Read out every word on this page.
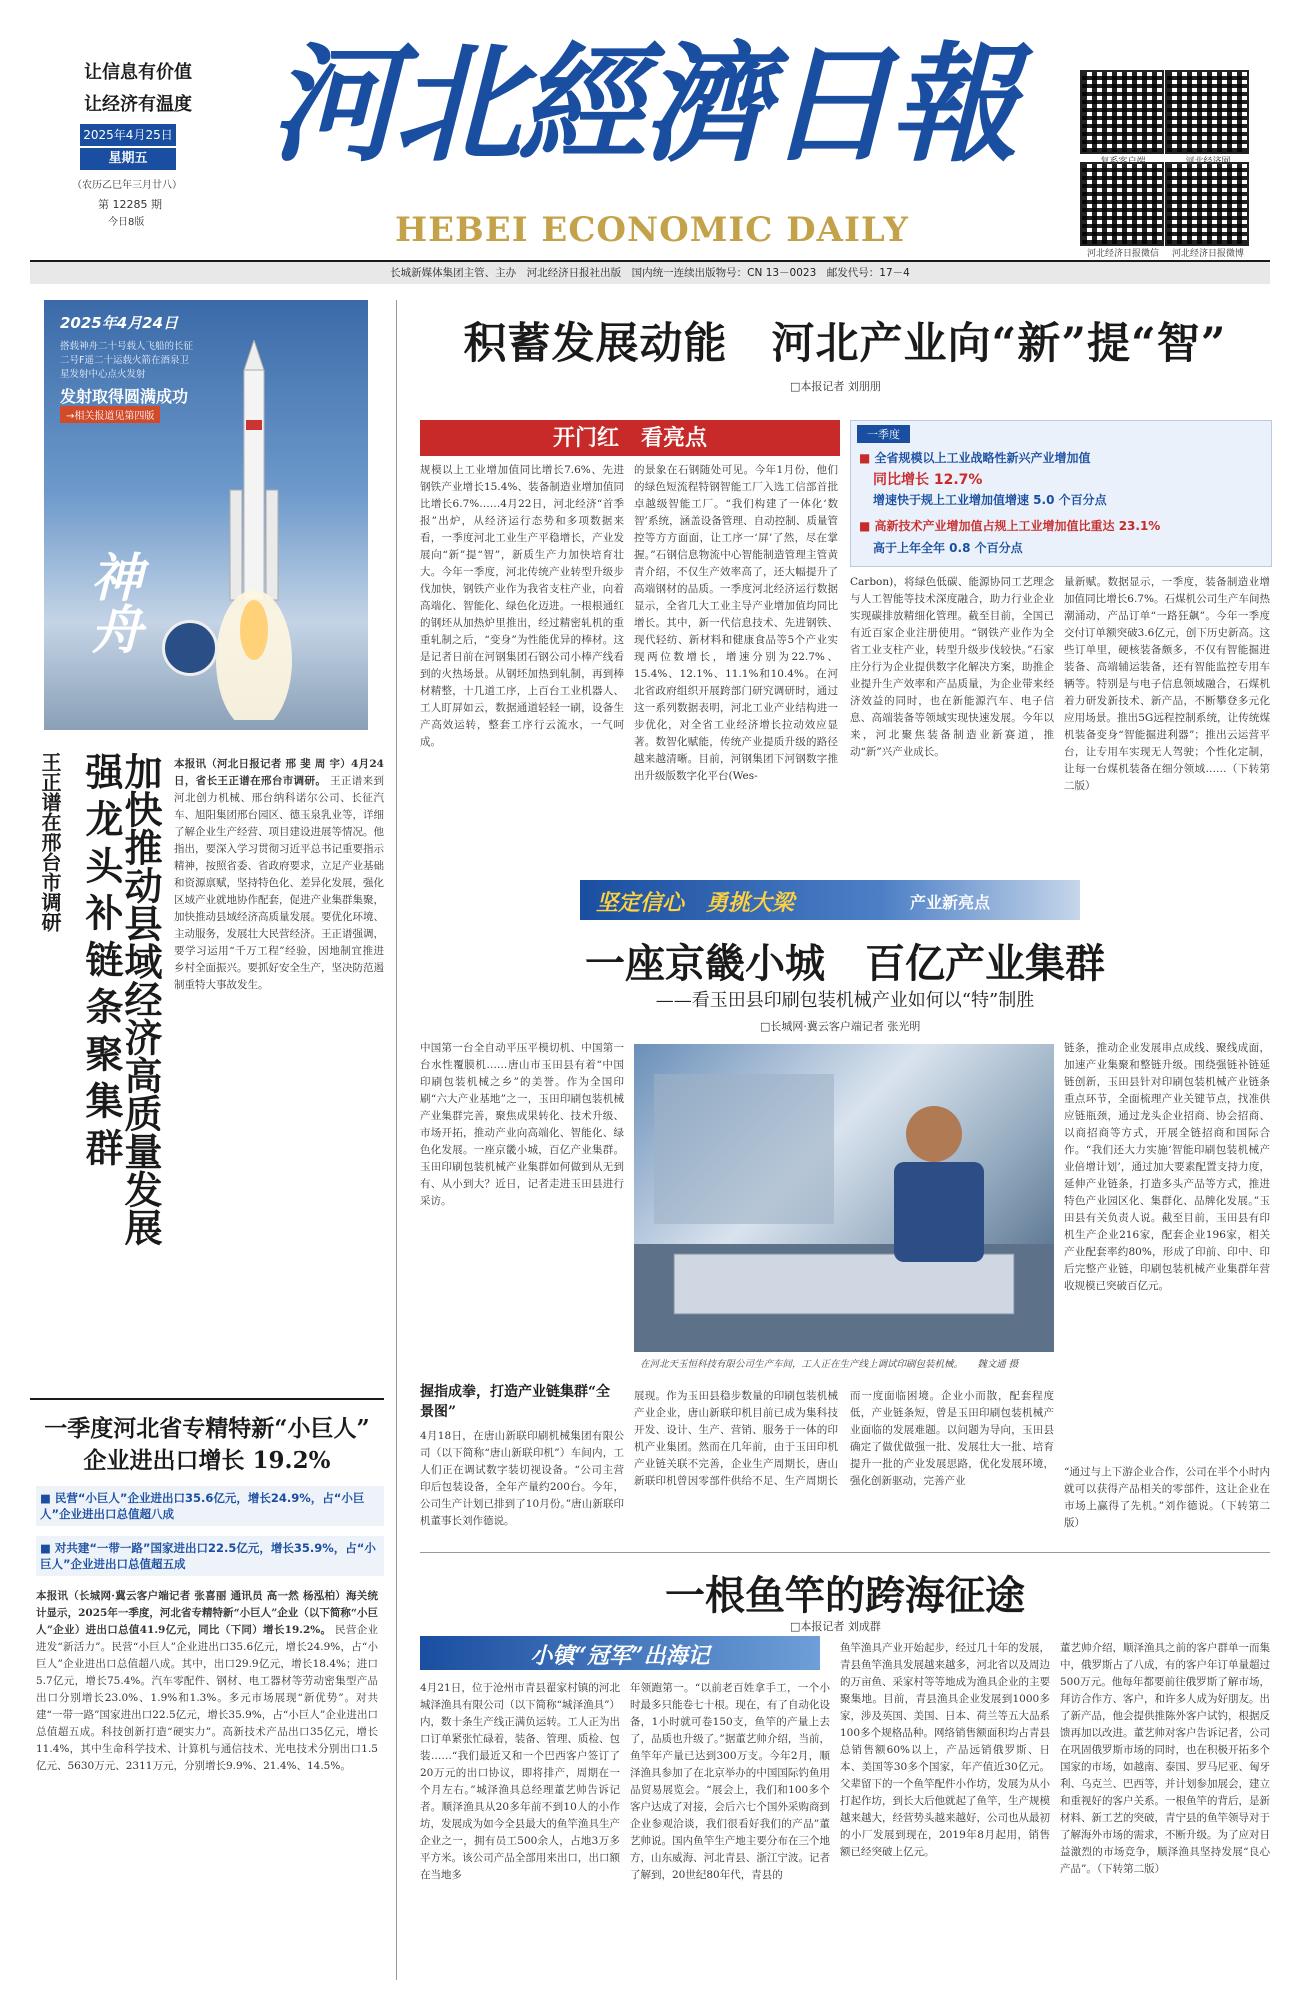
让信息有价值
让经济有温度
2025年4月25日
星期五
（农历乙巳年三月廿八）
第 12285 期
今日8版
河北經濟日報
HEBEI ECONOMIC DAILY
河北经济日报微信	河北经济日报微博
长城新媒体集团主管、主办　河北经济日报社出版　国内统一连续出版物号：CN 13－0023　邮发代号：17－4
2025年4月24日
搭载神舟二十号载人飞船的长征
二号F遥二十运载火箭在酒泉卫
星发射中心点火发射
发射取得圆满成功
→相关报道见第四版
神舟
加快推动县域经济高质量发展
强龙头补链条聚集群
王正谱在邢台市调研	本报讯（河北日报记者 邢 斐 周 宇）4月24日，省长王正谱在邢台市调研。 王正谱来到河北创力机械、邢台纳科诺尔公司、长征汽车、旭阳集团邢台园区、德玉泉乳业等，详细了解企业生产经营、项目建设进展等情况。他指出，要深入学习贯彻习近平总书记重要指示精神，按照省委、省政府要求，立足产业基础和资源禀赋，坚持特色化、差异化发展，强化区域产业就地协作配套，促进产业集群集聚，加快推动县域经济高质量发展。要优化环境、主动服务，发展壮大民营经济。王正谱强调，要学习运用“千万工程”经验，因地制宜推进乡村全面振兴。要抓好安全生产，坚决防范遏制重特大事故发生。
一季度河北省专精特新“小巨人”
企业进出口增长 19.2%
■ 民营“小巨人”企业进出口35.6亿元，增长24.9%，占“小巨人”企业进出口总值超八成
■ 对共建“一带一路”国家进出口22.5亿元，增长35.9%，占“小巨人”企业进出口总值超五成
本报讯（长城网·冀云客户端记者 张喜丽 通讯员 高一然 杨泓柏）海关统计显示，2025年一季度，河北省专精特新“小巨人”企业（以下简称“小巨人”企业）进出口总值41.9亿元，同比（下同）增长19.2%。 民营企业进发“新活力”。民营“小巨人”企业进出口35.6亿元，增长24.9%，占“小巨人”企业进出口总值超八成。其中，出口29.9亿元，增长18.4%；进口5.7亿元，增长75.4%。汽车零配件、钢材、电工器材等劳动密集型产品出口分别增长23.0%、1.9%和1.3%。多元市场展现“新优势”。对共建“一带一路”国家进出口22.5亿元，增长35.9%，占“小巨人”企业进出口总值超五成。科技创新打造“硬实力”。高新技术产品出口35亿元，增长11.4%，其中生命科学技术、计算机与通信技术、光电技术分别出口1.5亿元、5630万元、2311万元，分别增长9.9%、21.4%、14.5%。
积蓄发展动能　河北产业向“新”提“智”
□本报记者 刘朋朋
开门红　看亮点	一季度
■ 全省规模以上工业战略性新兴产业增加值
同比增长 12.7%
增速快于规上工业增加值增速 5.0 个百分点
■ 高新技术产业增加值占规上工业增加值比重达 23.1%
高于上年全年 0.8 个百分点
规模以上工业增加值同比增长7.6%、先进钢铁产业增长15.4%、装备制造业增加值同比增长6.7%……4月22日，河北经济“首季报”出炉，从经济运行态势和多项数据来看，一季度河北工业生产平稳增长，产业发展向“新”提“智”，新质生产力加快培育壮大。今年一季度，河北传统产业转型升级步伐加快，钢铁产业作为我省支柱产业，向着高端化、智能化、绿色化迈进。一根根通红的钢坯从加热炉里推出，经过精密轧机的重重轧制之后，“变身”为性能优异的棒材。这是记者日前在河钢集团石钢公司小棒产线看到的火热场景。从钢坯加热到轧制，再到棒材精整，十几道工序，上百台工业机器人、工人盯屏如云，数据通道轻轻一刷，设备生产高效运转，整套工序行云流水，一气呵成。
的景象在石钢随处可见。今年1月份，他们的绿色短流程特钢智能工厂入选工信部首批卓越级智能工厂。“我们构建了一体化‘数智’系统，涵盖设备管理、自动控制、质量管控等方方面面，让工序一‘屏’了然，尽在掌握。”石钢信息物流中心智能制造管理主管黄青介绍，不仅生产效率高了，还大幅提升了高端钢材的品质。一季度河北经济运行数据显示，全省几大工业主导产业增加值均同比增长。其中，新一代信息技术、先进钢铁、现代轻纺、新材料和健康食品等5个产业实现两位数增长，增速分别为22.7%、15.4%、12.1%、11.1%和10.4%。在河北省政府组织开展跨部门研究调研时，通过这一系列数据表明，河北工业产业结构进一步优化，对全省工业经济增长拉动效应显著。数智化赋能，传统产业提质升级的路径越来越清晰。目前，河钢集团下河钢数字推出升级版数字化平台(Wes-
Carbon)，将绿色低碳、能源协同工艺理念与人工智能等技术深度融合，助力行业企业实现碳排放精细化管理。截至目前，全国已有近百家企业注册使用。“钢铁产业作为全省工业支柱产业，转型升级步伐较快。”石家庄分行为企业提供数字化解决方案，助推企业提升生产效率和产品质量，为企业带来经济效益的同时，也在新能源汽车、电子信息、高端装备等领域实现快速发展。今年以来，河北聚焦装备制造业新赛道，推动“新”兴产业成长。
量新赋。数据显示，一季度，装备制造业增加值同比增长6.7%。石煤机公司生产车间热潮涌动，产品订单“一路狂飙”。今年一季度交付订单额突破3.6亿元，创下历史新高。这些订单里，硬核装备颇多，不仅有智能掘进装备、高端辅运装备，还有智能监控专用车辆等。特别是与电子信息领域融合，石煤机着力研发新技术、新产品，不断攀登多元化应用场景。推出5G远程控制系统，让传统煤机装备变身“智能掘进利器”；推出云运营平台，让专用车实现无人驾驶；个性化定制，让每一台煤机装备在细分领域……（下转第二版）
坚定信心　勇挑大梁	产业新亮点
一座京畿小城　百亿产业集群
——看玉田县印刷包装机械产业如何以“特”制胜
□长城网·冀云客户端记者 张光明
中国第一台全自动平压平模切机、中国第一台水性覆膜机……唐山市玉田县有着“中国印刷包装机械之乡”的美誉。作为全国印刷“六大产业基地”之一，玉田印刷包装机械产业集群完善，聚焦成果转化、技术升级、市场开拓，推动产业向高端化、智能化、绿色化发展。一座京畿小城，百亿产业集群。玉田印刷包装机械产业集群如何做到从无到有、从小到大？近日，记者走进玉田县进行采访。
在河北天玉恒科技有限公司生产车间，工人正在生产线上调试印刷包装机械。　　魏文通 摄
握指成拳，打造产业链集群“全景图”
4月18日，在唐山新联印刷机械集团有限公司（以下简称“唐山新联印机”）车间内，工人们正在调试数字装切视设备。“公司主营印后包装设备，全年产量约200台。今年，公司生产计划已排到了10月份。”唐山新联印机董事长刘作德说。
展现。作为玉田县稳步数量的印刷包装机械产业企业，唐山新联印机目前已成为集科技开发、设计、生产、营销、服务于一体的印机产业集团。然而在几年前，由于玉田印机产业链关联不完善，企业生产周期长，唐山新联印机曾因零部件供给不足、生产周期长而一度面临困境。企业小而散，配套程度低，产业链条短，曾是玉田印刷包装机械产业面临的发展难题。以问题为导向，玉田县确定了做优做强一批、发展壮大一批、培育提升一批的产业发展思路，优化发展环境，强化创新驱动，完善产业
链条，推动企业发展串点成线、聚线成面，加速产业集聚和整链升级。围绕强链补链延链创新，玉田县针对印刷包装机械产业链条重点环节，全面梳理产业关键节点，找准供应链瓶颈，通过龙头企业招商、协会招商、以商招商等方式，开展全链招商和国际合作。“我们还大力实施‘智能印刷包装机械产业倍增计划’，通过加大要素配置支持力度，延伸产业链条，打造多头产品等方式，推进特色产业园区化、集群化、品牌化发展。”玉田县有关负责人说。截至目前，玉田县有印机生产企业216家，配套企业196家，相关产业配套率约80%，形成了印前、印中、印后完整产业链，印刷包装机械产业集群年营收规模已突破百亿元。
“通过与上下游企业合作，公司在半个小时内就可以获得产品相关的零部件，这让企业在市场上赢得了先机。”刘作德说。（下转第二版）
一根鱼竿的跨海征途
□本报记者 刘成群
小镇“冠军”出海记
4月21日，位于沧州市青县翟家村镇的河北城泽渔具有限公司（以下简称“城泽渔具”）内，数十条生产线正满负运转。工人正为出口订单紧张忙碌着，装备、管理、质检、包装……“我们最近又和一个巴西客户签订了20万元的出口协议，即将排产，周期在一个月左右。”城泽渔具总经理董艺帅告诉记者。顺泽渔具从20多年前不到10人的小作坊，发展成为如今全县最大的鱼竿渔具生产企业之一，拥有员工500余人，占地3万多平方米。该公司产品全部用来出口，出口额在当地多
年领跑第一。“以前老百姓拿手工，一个小时最多只能卷七十根。现在，有了自动化设备，1小时就可卷150支，鱼竿的产量上去了，品质也升级了。”据董艺帅介绍，当前，鱼竿年产量已达到300万支。今年2月，顺泽渔具参加了在北京举办的中国国际钓鱼用品贸易展览会。“展会上，我们和100多个客户达成了对接，会后六七个国外采购商到企业参观洽谈，我们很看好我们的产品”董艺帅说。国内鱼竿生产地主要分布在三个地方，山东威海、河北青县、浙江宁波。记者了解到，20世纪80年代，青县的
鱼竿渔具产业开始起步，经过几十年的发展，青县鱼竿渔具发展越来越多，河北省以及周边的万亩鱼、采家村等等地成为渔具企业的主要聚集地。目前，青县渔具企业发展到1000多家，涉及英国、美国、日本、荷兰等五大品系100多个规格品种。网络销售额面积均占青县总销售额60%以上，产品远销俄罗斯、日本、美国等30多个国家，年产值近30亿元。父辈留下的一个鱼竿配件小作坊，发展为从小打起作坊，到长大后他就起了鱼竿，生产规模越来越大，经营势头越来越好，公司也从最初的小厂发展到现在，2019年8月起用，销售额已经突破上亿元。
董艺帅介绍，顺泽渔具之前的客户群单一而集中，俄罗斯占了八成，有的客户年订单量超过500万元。他每年都要前往俄罗斯了解市场，拜访合作方、客户，和许多人成为好朋友。出了新产品，他会提供推陈外客户试钓，根据反馈再加以改进。董艺帅对客户告诉记者，公司在巩固俄罗斯市场的同时，也在积极开拓多个国家的市场，如越南、泰国、罗马尼亚、匈牙利、乌克兰、巴西等，并计划参加展会，建立和重视好的客户关系。一根鱼竿的背后，是新材料、新工艺的突破，青宁县的鱼竿领导对于了解海外市场的需求，不断升级。为了应对日益激烈的市场竞争，顺泽渔具坚持发展“良心产品”。（下转第二版）
